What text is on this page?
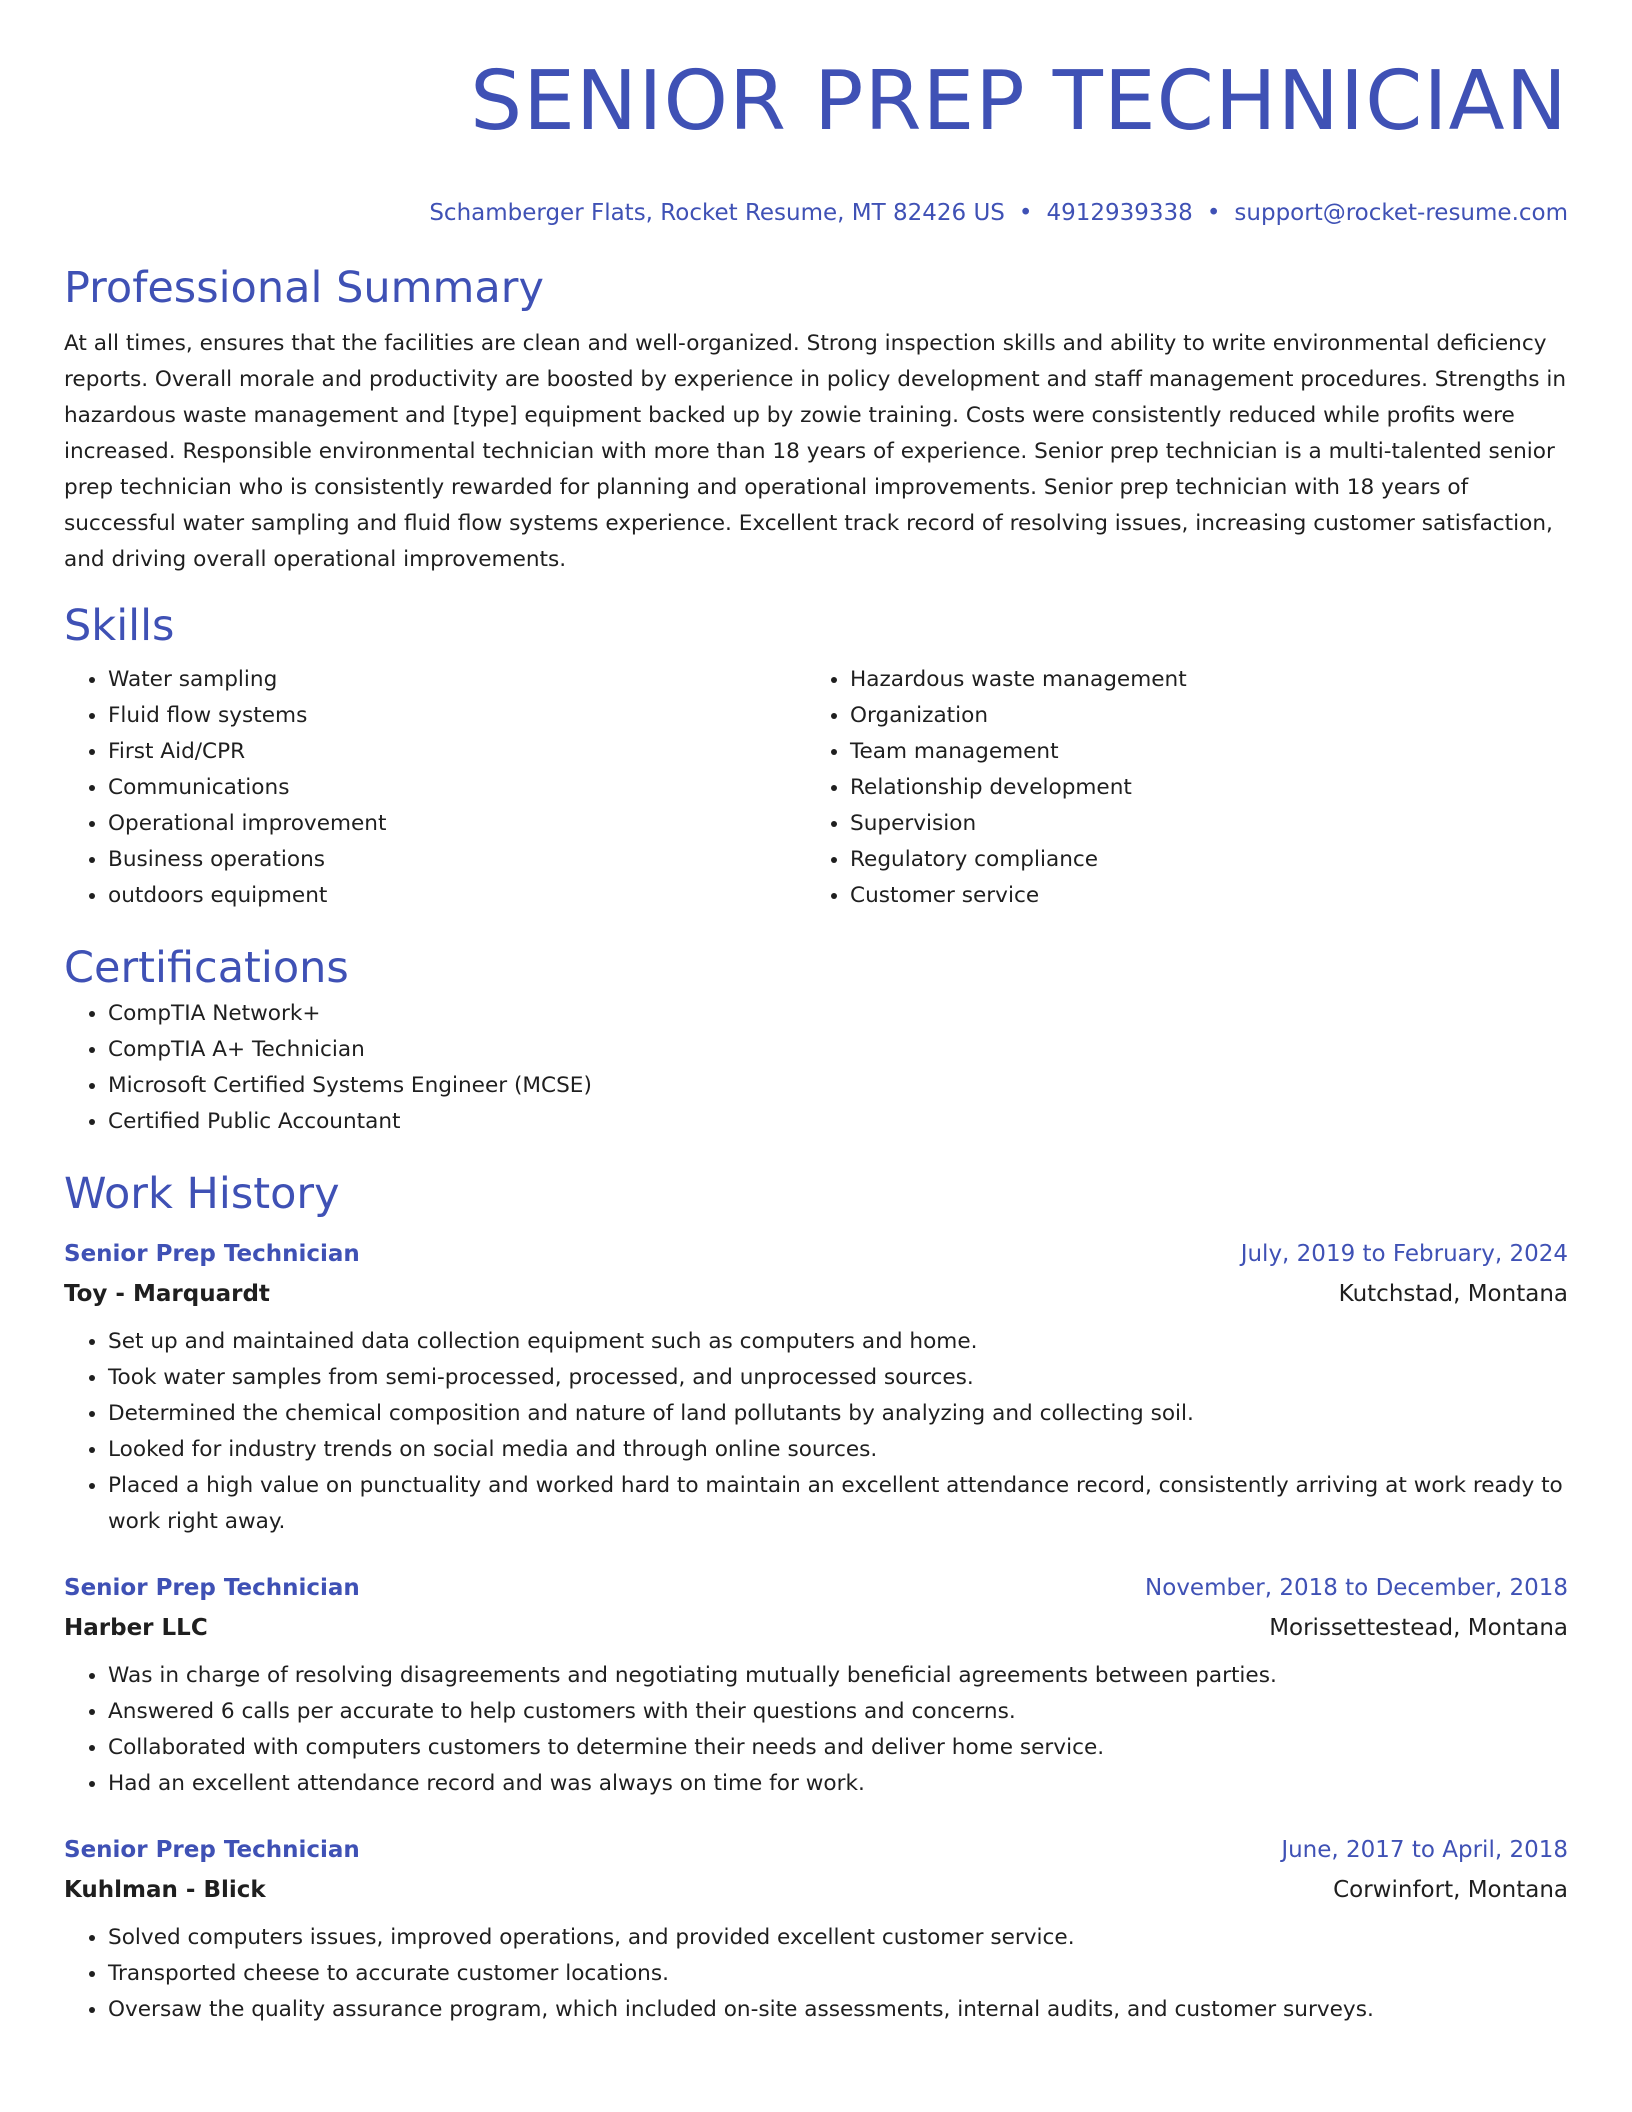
SENIOR PREP TECHNICIAN
Schamberger Flats, Rocket Resume, MT 82426 US • 4912939338 • support@rocket-resume.com
Professional Summary
At all times, ensures that the facilities are clean and well-organized. Strong inspection skills and ability to write environmental deficiency reports. Overall morale and productivity are boosted by experience in policy development and staff management procedures. Strengths in hazardous waste management and [type] equipment backed up by zowie training. Costs were consistently reduced while profits were increased. Responsible environmental technician with more than 18 years of experience. Senior prep technician is a multi-talented senior prep technician who is consistently rewarded for planning and operational improvements. Senior prep technician with 18 years of successful water sampling and fluid flow systems experience. Excellent track record of resolving issues, increasing customer satisfaction, and driving overall operational improvements.
Skills
• Water sampling
• Fluid flow systems
• First Aid/CPR
• Communications
• Operational improvement
• Business operations
• outdoors equipment
• Hazardous waste management
• Organization
• Team management
• Relationship development
• Supervision
• Regulatory compliance
• Customer service
Certifications
• CompTIA Network+
• CompTIA A+ Technician
• Microsoft Certified Systems Engineer (MCSE)
• Certified Public Accountant
Work History
Senior Prep Technician	July, 2019 to February, 2024
Toy - Marquardt	Kutchstad, Montana
• Set up and maintained data collection equipment such as computers and home.
• Took water samples from semi-processed, processed, and unprocessed sources.
• Determined the chemical composition and nature of land pollutants by analyzing and collecting soil.
• Looked for industry trends on social media and through online sources.
• Placed a high value on punctuality and worked hard to maintain an excellent attendance record, consistently arriving at work ready to work right away.
Senior Prep Technician	November, 2018 to December, 2018
Harber LLC	Morissettestead, Montana
• Was in charge of resolving disagreements and negotiating mutually beneficial agreements between parties.
• Answered 6 calls per accurate to help customers with their questions and concerns.
• Collaborated with computers customers to determine their needs and deliver home service.
• Had an excellent attendance record and was always on time for work.
Senior Prep Technician	June, 2017 to April, 2018
Kuhlman - Blick	Corwinfort, Montana
• Solved computers issues, improved operations, and provided excellent customer service.
• Transported cheese to accurate customer locations.
• Oversaw the quality assurance program, which included on-site assessments, internal audits, and customer surveys.
